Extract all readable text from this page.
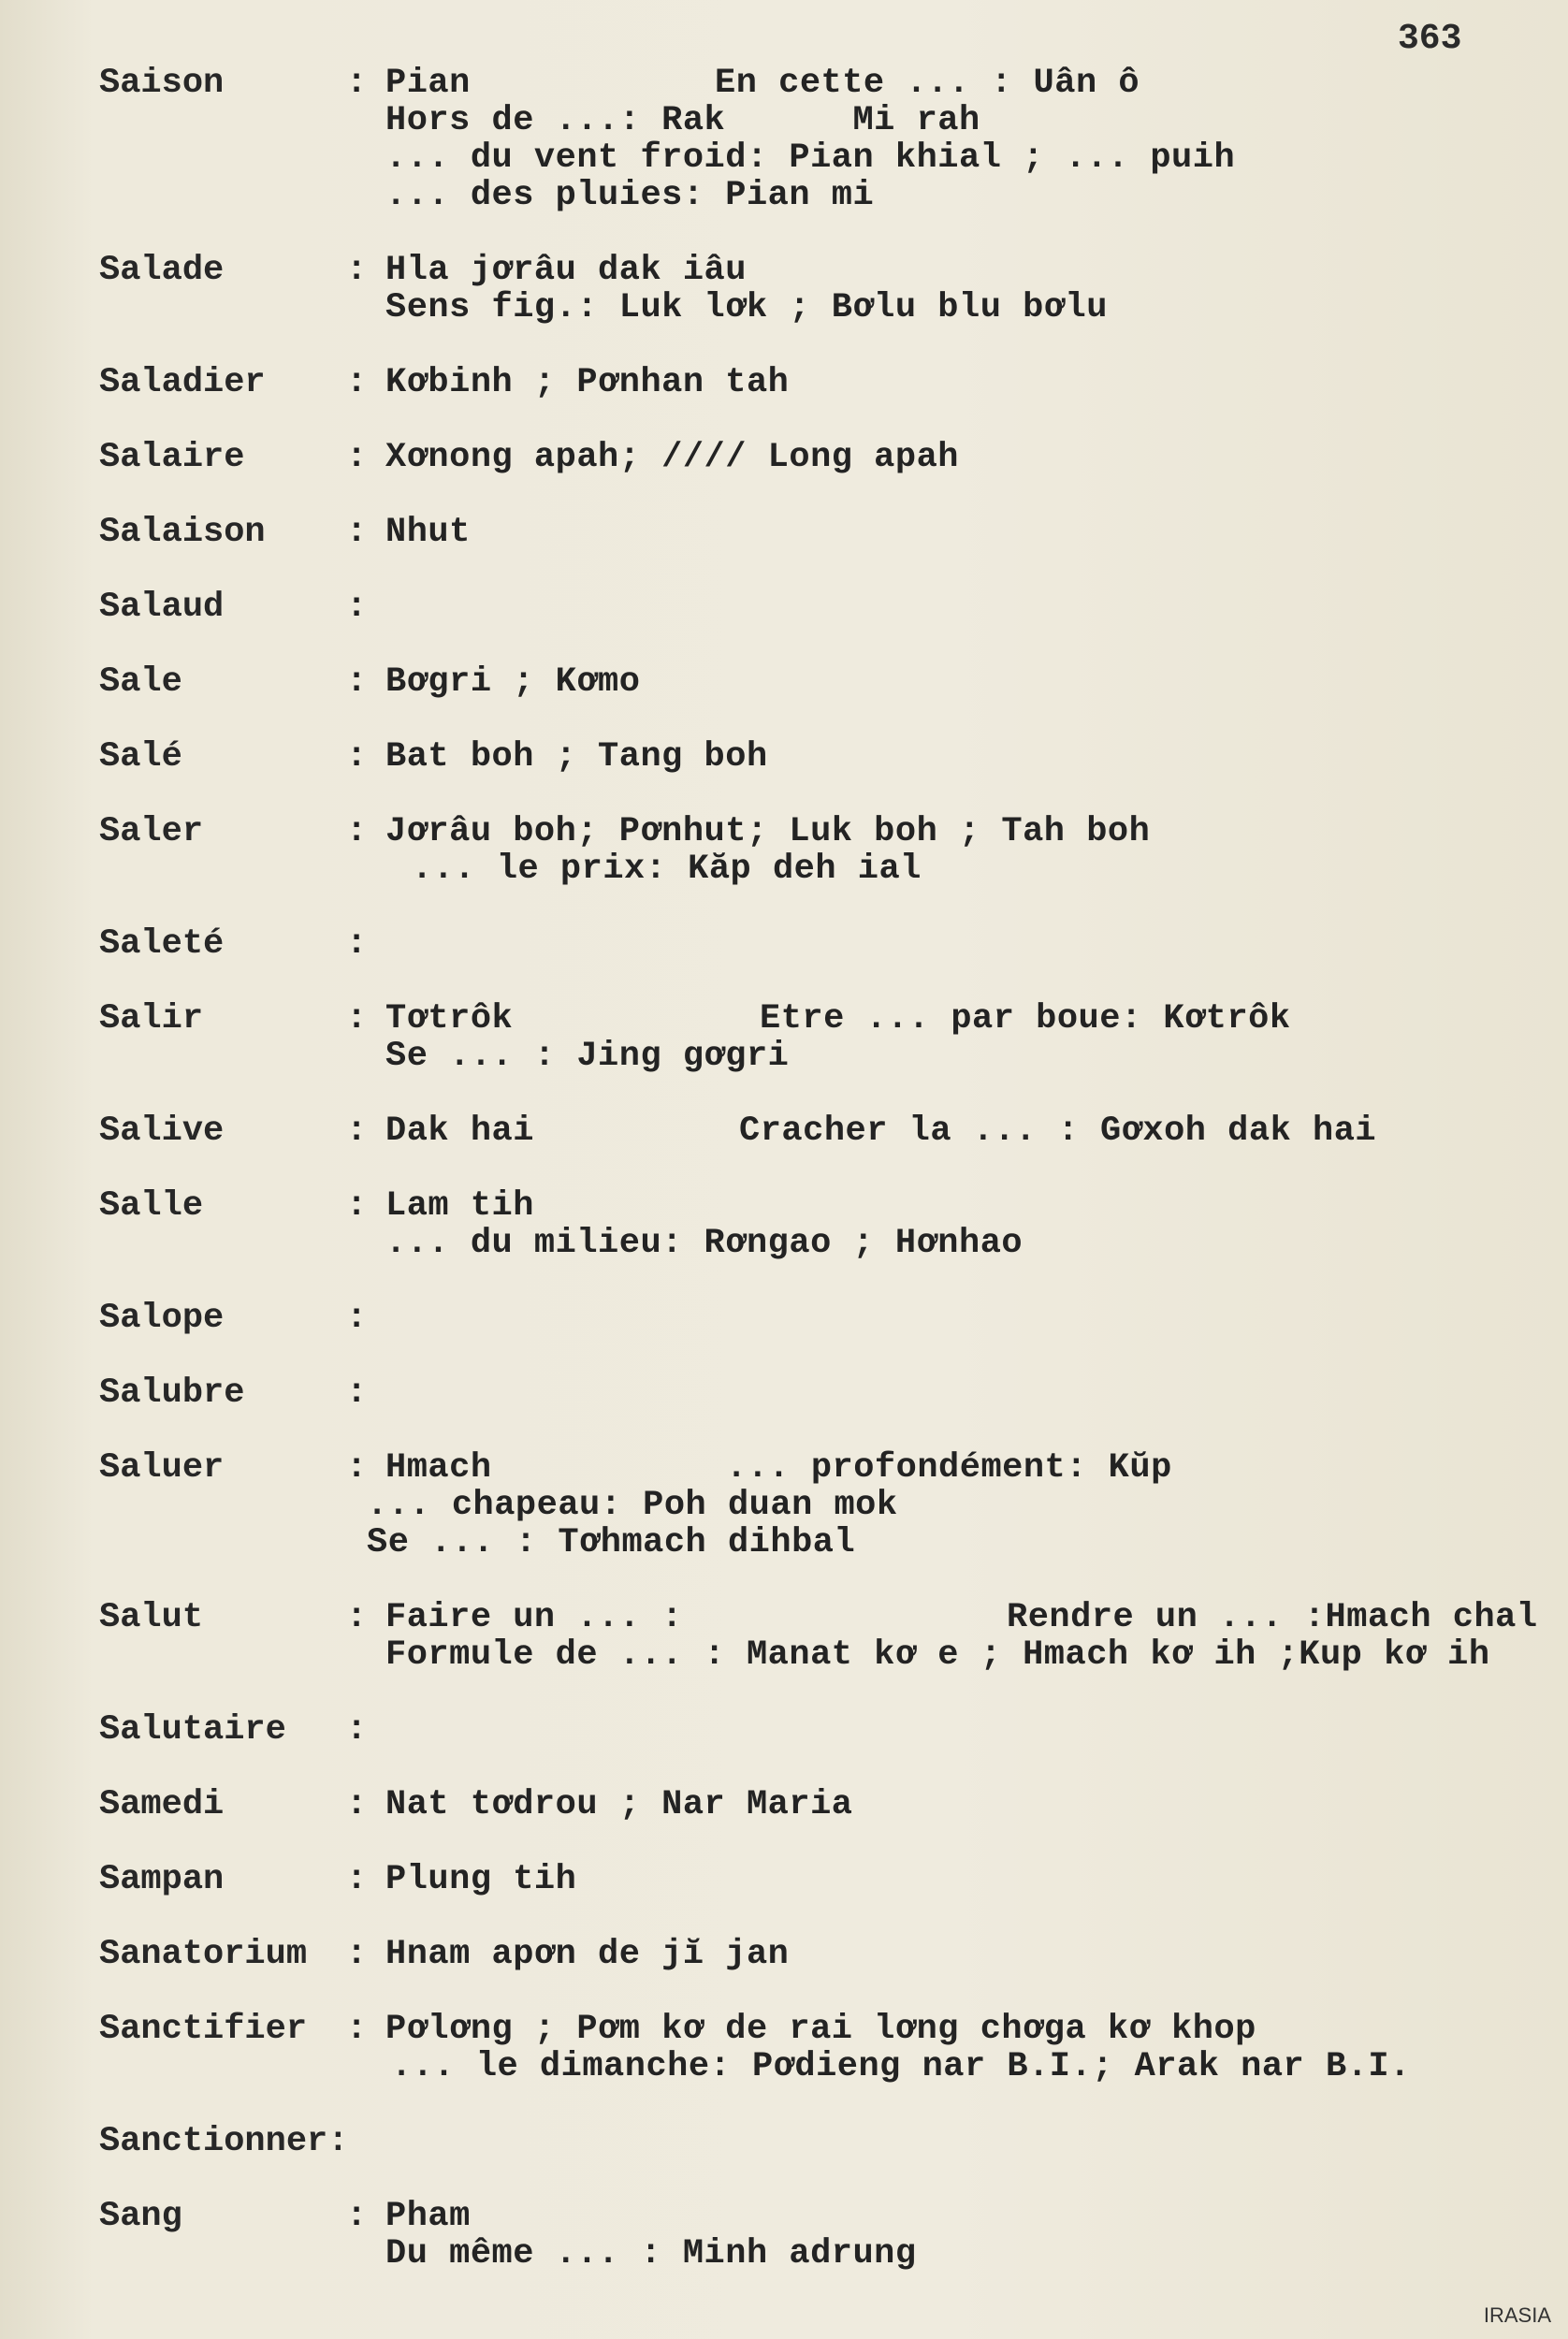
363
Saison	: Pian	En cette ... : Uân ô
Hors de ...: Rak      Mi rah
... du vent froid: Pian khial ; ... puih
... des pluies: Pian mi
Salade	: Hla jơrâu dak iâu
Sens fig.: Luk lơk ; Bơlu blu bơlu
Saladier : Kơbinh ; Pơnhan tah
Salaire	: Xơnong apah; //// Long apah
Salaison : Nhut
Salaud	:
Sale	: Bơgri ; Kơmo
Salé	: Bat boh ; Tang boh
Saler	: Jơrâu boh; Pơnhut; Luk boh ; Tah boh
... le prix: Kăp deh ial
Saleté	:
Salir	: Tơtrôk	Etre ... par boue: Kơtrôk
Se ... : Jing gơgri
Salive	: Dak hai	Cracher la ... : Gơxoh dak hai
Salle	: Lam tih
... du milieu: Rơngao ; Hơnhao
Salope	:
Salubre	:
Saluer	: Hmach	... profondément: Kŭp
... chapeau: Poh duan mok
Se ... : Tơhmach dihbal
Salut	: Faire un ... :	Rendre un ... :Hmach chal
Formule de ... : Manat kơ e ; Hmach kơ ih ;Kup kơ ih
Salutaire :
Samedi	: Nat tơdrou ; Nar Maria
Sampan	: Plung tih
Sanatorium : Hnam apơn de jĭ jan
Sanctifier : Pơlơng ; Pơm kơ de rai lơng chơga kơ khop
... le dimanche: Pơdieng nar B.I.; Arak nar B.I.
Sanctionner:
Sang	: Pham
Du même ... : Minh adrung
IRASIA
